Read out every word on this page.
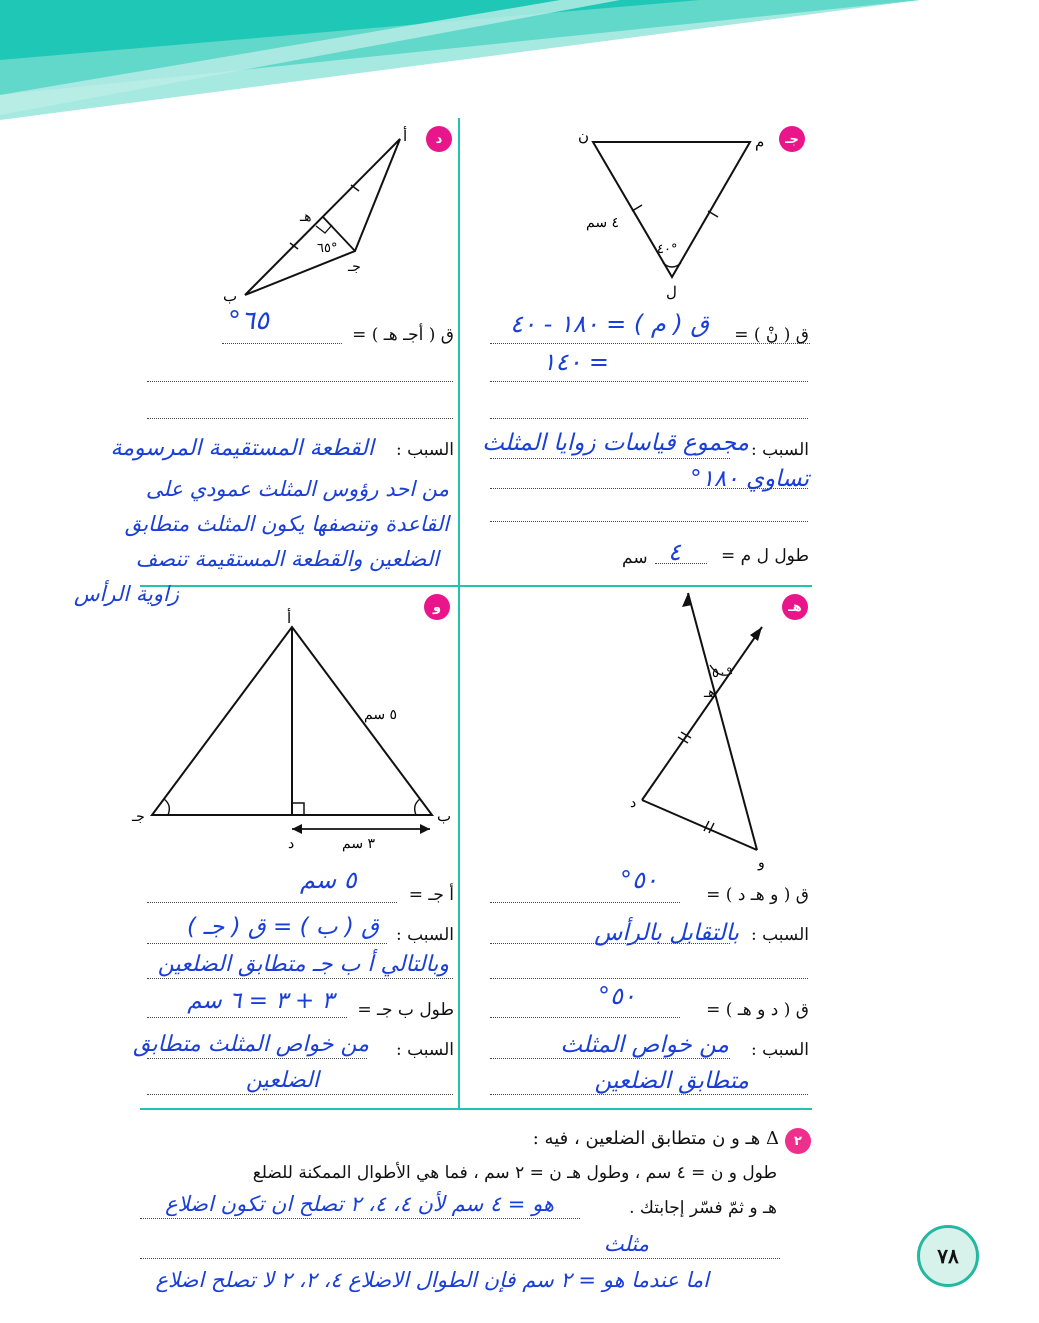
جـ
د
هـ
و
ن	م
ل
٤ سم
٤٠°
أ
ب
جـ
هـ
٦٥°
هـ
د
و
٥٠°
أ
ب
جـ
د
٥ سم
٣ سم
ق ( نْ ) =
ق ( م ) = ١٨٠ - ٤٠
= ١٤٠
السبب :
مجموع قياسات زوايا المثلث
تساوي ١٨٠°
طول ل م =
٤
سم
ق ( أجـ هـ ) =
٦٥°
السبب :
القطعة المستقيمة المرسومة
من احد رؤوس المثلث عمودي على
القاعدة وتنصفها يكون المثلث متطابق
الضلعين والقطعة المستقيمة تنصف
زاوية الرأس
ق ( و هـ د ) =
٥٠°
السبب :
بالتقابل بالرأس
ق ( د و هـ ) =
٥٠°
السبب :
من خواص المثلث
متطابق الضلعين
أ جـ =
٥ سم
السبب :
ق ( ب ) = ق ( جـ )
وبالتالي أ ب جـ متطابق الضلعين
طول ب جـ =
٣ + ٣ = ٦ سم
السبب :
من خواص المثلث متطابق
الضلعين
٢
Δ هـ و ن متطابق الضلعين ، فيه :
طول و ن = ٤ سم ، وطول هـ ن = ٢ سم ، فما هي الأطوال الممكنة للضلع
هـ و ثمّ فسّر إجابتك .
هو = ٤ سم لأن ٤، ٤، ٢ تصلح ان تكون اضلاع
مثلث
اما عندما هو = ٢ سم فإن الطوال الاضلاع ٤، ٢، ٢ لا تصلح اضلاع
٧٨
